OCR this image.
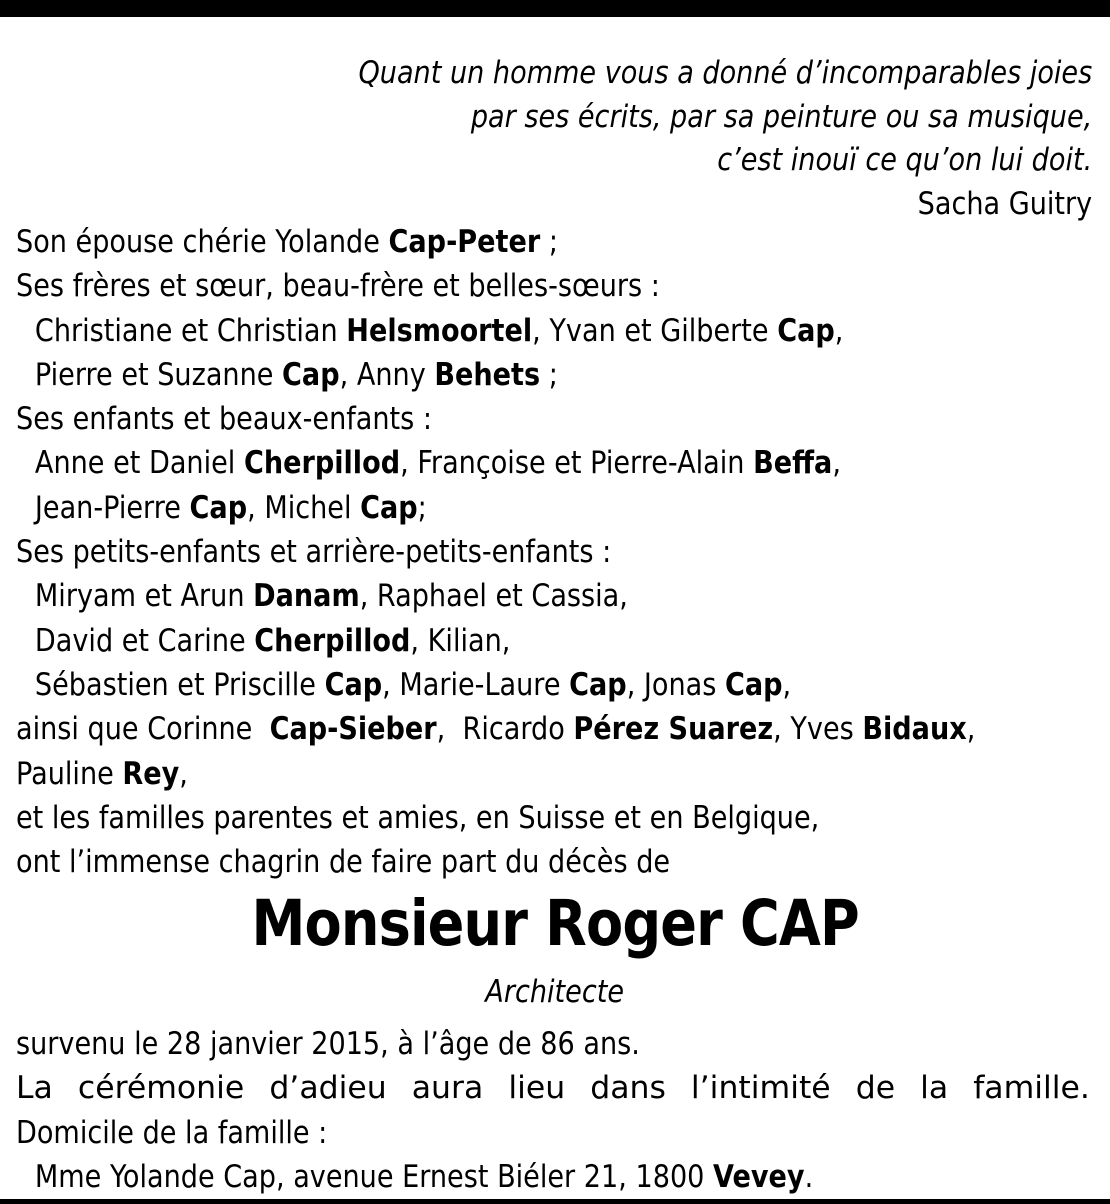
Quant un homme vous a donné d’incomparables joies
par ses écrits, par sa peinture ou sa musique,
c’est inouï ce qu’on lui doit.
Sacha Guitry
Son épouse chérie Yolande Cap-Peter ;
Ses frères et sœur, beau-frère et belles-sœurs :
Christiane et Christian Helsmoortel, Yvan et Gilberte Cap,
Pierre et Suzanne Cap, Anny Behets ;
Ses enfants et beaux-enfants :
Anne et Daniel Cherpillod, Françoise et Pierre-Alain Beffa,
Jean-Pierre Cap, Michel Cap;
Ses petits-enfants et arrière-petits-enfants :
Miryam et Arun Danam, Raphael et Cassia,
David et Carine Cherpillod, Kilian,
Sébastien et Priscille Cap, Marie-Laure Cap, Jonas Cap,
ainsi que Corinne  Cap-Sieber,  Ricardo Pérez Suarez, Yves Bidaux,
Pauline Rey,
et les familles parentes et amies, en Suisse et en Belgique,
ont l’immense chagrin de faire part du décès de
Monsieur Roger CAP
Architecte
survenu le 28 janvier 2015, à l’âge de 86 ans.
La cérémonie d’adieu aura lieu dans l’intimité de la famille.
Domicile de la famille :
Mme Yolande Cap, avenue Ernest Biéler 21, 1800 Vevey.
